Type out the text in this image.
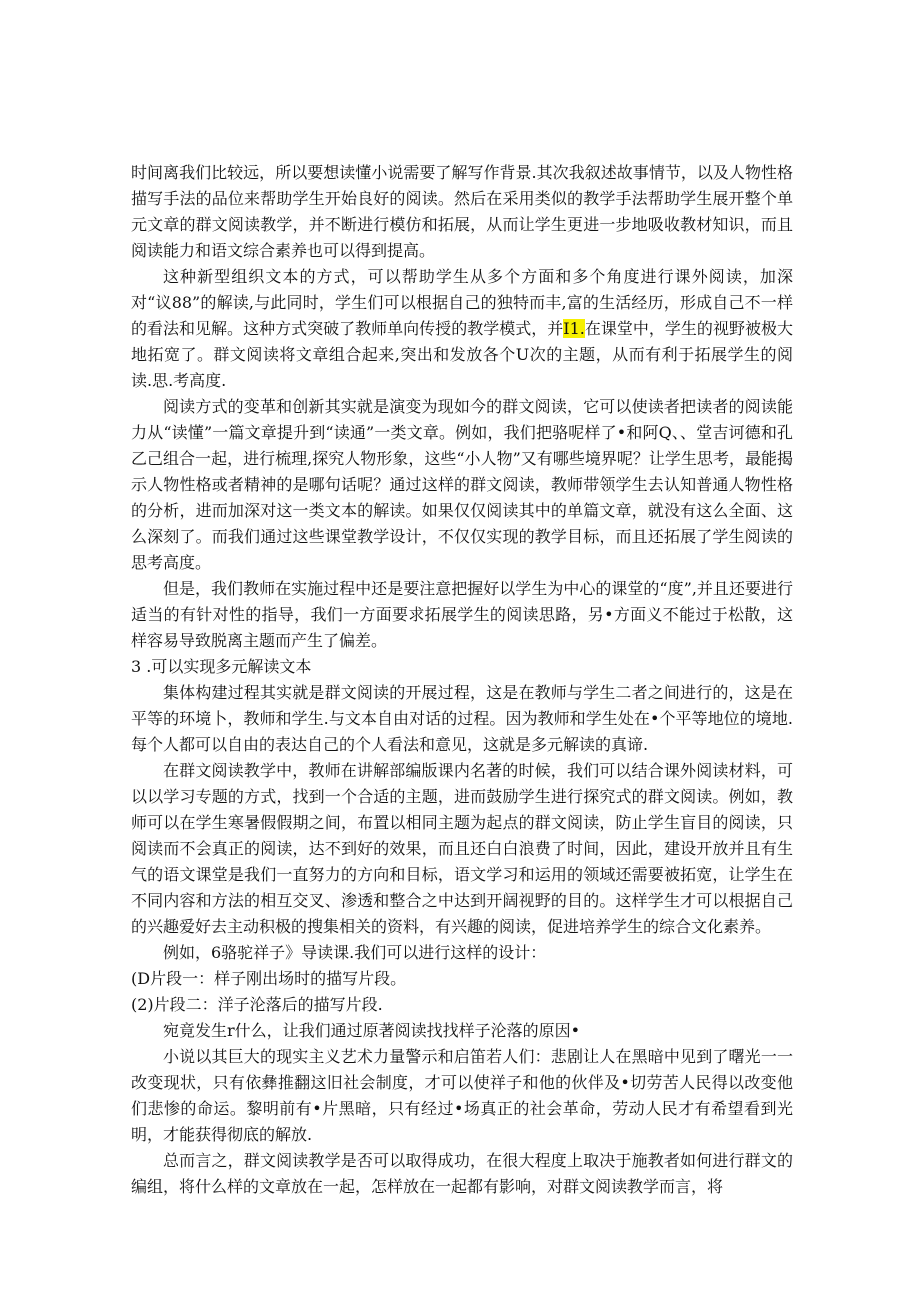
时间离我们比较远，所以要想读懂小说需要了解写作背景.其次我叙述故事情节，以及人物性格描写手法的品位来帮助学生开始良好的阅读。然后在采用类似的教学手法帮助学生展开整个单元文章的群文阅读教学，并不断进行模仿和拓展，从而让学生更进一步地吸收教材知识，而且阅读能力和语文综合素养也可以得到提高。

这种新型组织文本的方式，可以帮助学生从多个方面和多个角度进行课外阅读，加深对“议88”的解读,与此同时，学生们可以根据自己的独特而丰,富的生活经历，形成自己不一样的看法和见解。这种方式突破了教师单向传授的教学模式，并I1.在课堂中，学生的视野被极大地拓宽了。群文阅读将文章组合起来,突出和发放各个U次的主题，从而有利于拓展学生的阅读.思.考高度.

阅读方式的变革和创新其实就是演变为现如今的群文阅读，它可以使读者把读者的阅读能力从“读懂”一篇文章提升到“读通”一类文章。例如，我们把骆呢样了•和阿Q、、堂吉诃德和孔乙己组合一起，进行梳理,探究人物形象，这些“小人物”又有哪些境界呢？让学生思考，最能揭示人物性格或者精神的是哪句话呢？通过这样的群文阅读，教师带领学生去认知普通人物性格的分析，进而加深对这一类文本的解读。如果仅仅阅读其中的单篇文章，就没有这么全面、这么深刻了。而我们通过这些课堂教学设计，不仅仅实现的教学目标，而且还拓展了学生阅读的思考高度。

但是，我们教师在实施过程中还是要注意把握好以学生为中心的课堂的“度”,并且还要进行适当的有针对性的指导，我们一方面要求拓展学生的阅读思路，另•方面义不能过于松散，这样容易导致脱离主题而产生了偏差。

3 .可以实现多元解读文本

集体构建过程其实就是群文阅读的开展过程，这是在教师与学生二者之间进行的，这是在平等的环境卜，教师和学生.与文本自由对话的过程。因为教师和学生处在•个平等地位的境地.每个人都可以自由的表达自己的个人看法和意见，这就是多元解读的真谛.

在群文阅读教学中，教师在讲解部编版课内名著的时候，我们可以结合课外阅读材料，可以以学习专题的方式，找到一个合适的主题，进而鼓励学生进行探究式的群文阅读。例如，教师可以在学生寒暑假假期之间，布置以相同主题为起点的群文阅读，防止学生盲目的阅读，只阅读而不会真正的阅读，达不到好的效果，而且还白白浪费了时间，因此，建设开放并且有生气的语文课堂是我们一直努力的方向和目标，语文学习和运用的领域还需要被拓宽，让学生在不同内容和方法的相互交叉、渗透和整合之中达到开阔视野的目的。这样学生才可以根据自己的兴趣爱好去主动积极的搜集相关的资料，有兴趣的阅读，促进培养学生的综合文化素养。

例如，6骆驼祥子》导读课.我们可以进行这样的设计：

(D片段一：样子刚出场时的描写片段。

(2)片段二：洋子沦落后的描写片段.

宛竟发生r什么，让我们通过原著阅读找找样子沦落的原因•

小说以其巨大的现实主义艺术力量警示和启笛若人们：悲剧让人在黑暗中见到了曙光一一改变现状，只有依彝推翻这旧社会制度，才可以使祥子和他的伙伴及•切劳苦人民得以改变他们悲惨的命运。黎明前有•片黑暗，只有经过•场真正的社会革命，劳动人民才有希望看到光明，才能获得彻底的解放.

总而言之，群文阅读教学是否可以取得成功，在很大程度上取决于施教者如何进行群文的编组，将什么样的文章放在一起，怎样放在一起都有影响，对群文阅读教学而言，将
